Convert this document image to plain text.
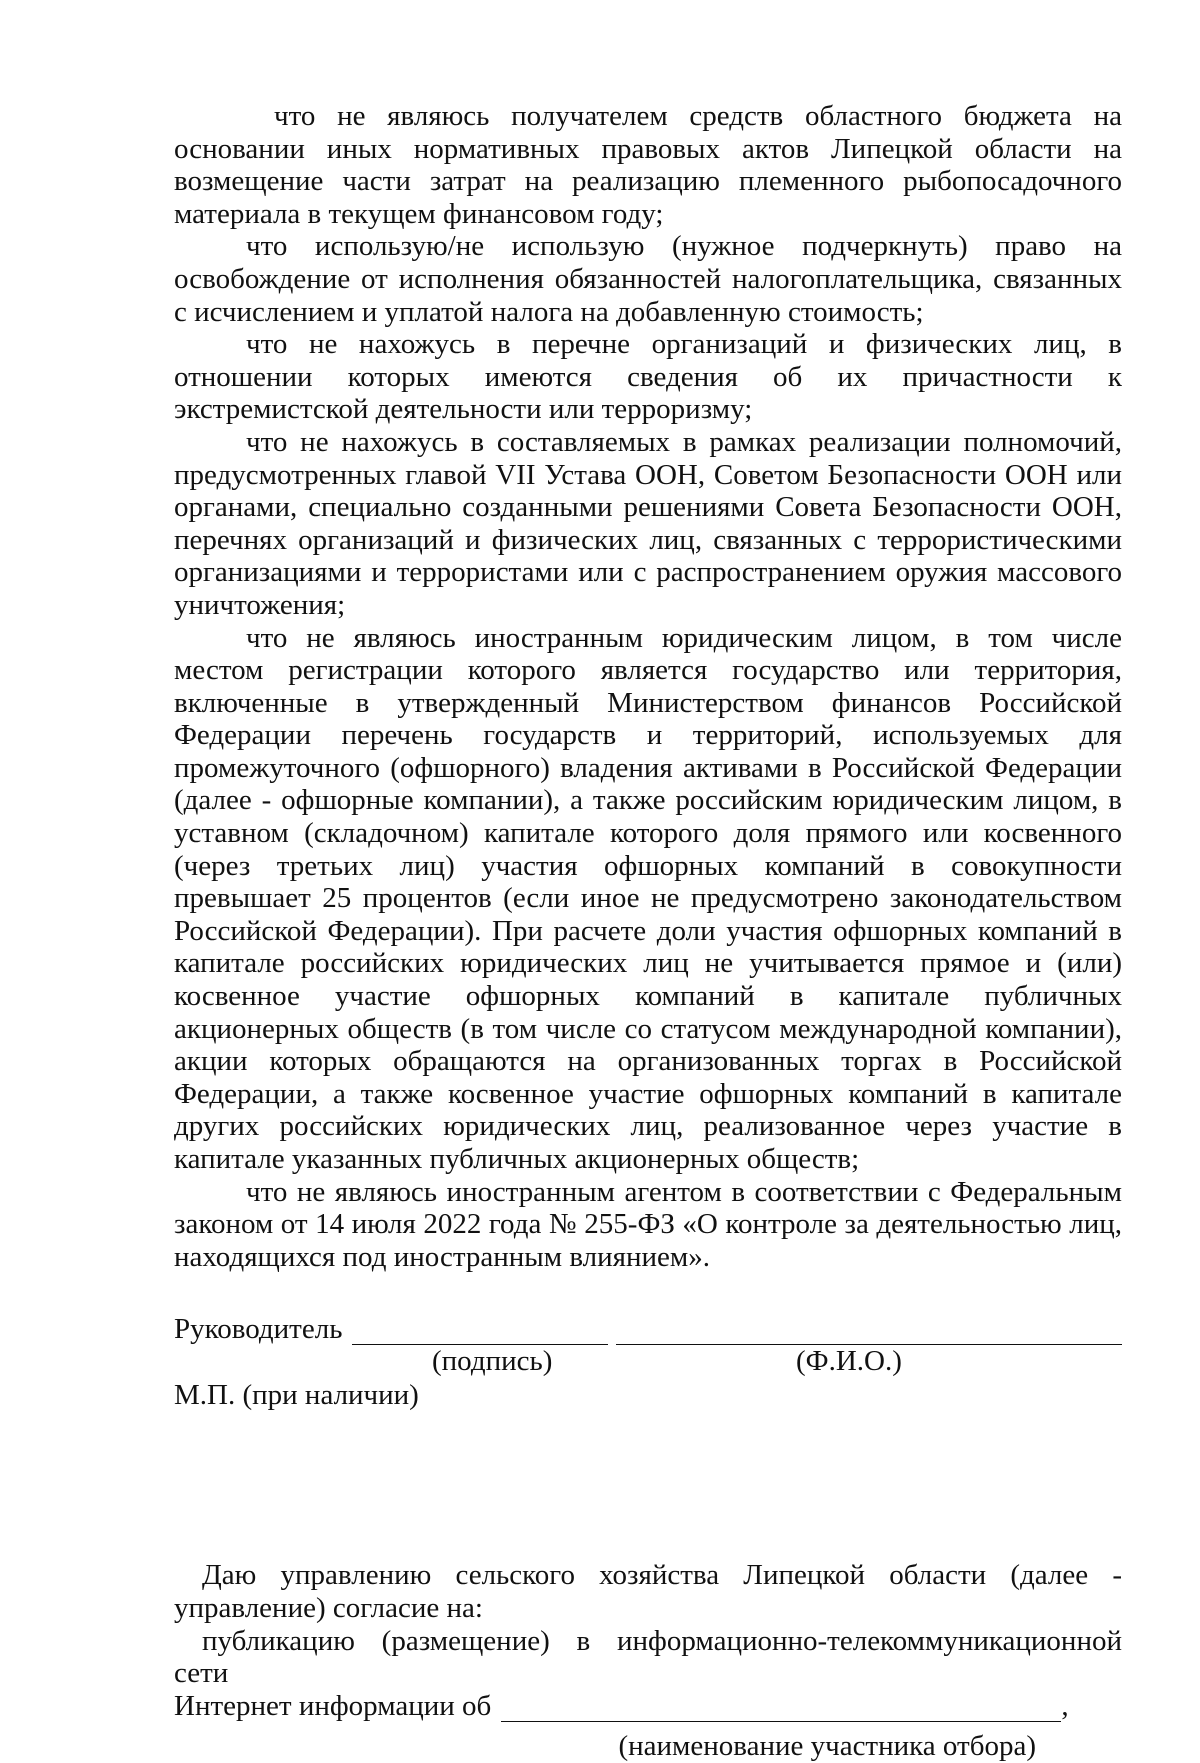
что не являюсь получателем средств областного бюджета на основании иных нормативных правовых актов Липецкой области на возмещение части затрат на реализацию племенного рыбопосадочного материала в текущем финансовом году;

что использую/не использую (нужное подчеркнуть) право на освобождение от исполнения обязанностей налогоплательщика, связанных с исчислением и уплатой налога на добавленную стоимость;

что не нахожусь в перечне организаций и физических лиц, в отношении которых имеются сведения об их причастности к экстремистской деятельности или терроризму;

что не нахожусь в составляемых в рамках реализации полномочий, предусмотренных главой VII Устава ООН, Советом Безопасности ООН или органами, специально созданными решениями Совета Безопасности ООН, перечнях организаций и физических лиц, связанных с террористическими организациями и террористами или с распространением оружия массового уничтожения;

что не являюсь иностранным юридическим лицом, в том числе местом регистрации которого является государство или территория, включенные в утвержденный Министерством финансов Российской Федерации перечень государств и территорий, используемых для промежуточного (офшорного) владения активами в Российской Федерации (далее - офшорные компании), а также российским юридическим лицом, в уставном (складочном) капитале которого доля прямого или косвенного (через третьих лиц) участия офшорных компаний в совокупности превышает 25 процентов (если иное не предусмотрено законодательством Российской Федерации). При расчете доли участия офшорных компаний в капитале российских юридических лиц не учитывается прямое и (или) косвенное участие офшорных компаний в капитале публичных акционерных обществ (в том числе со статусом международной компании), акции которых обращаются на организованных торгах в Российской Федерации, а также косвенное участие офшорных компаний в капитале других российских юридических лиц, реализованное через участие в капитале указанных публичных акционерных обществ;

что не являюсь иностранным агентом в соответствии с Федеральным законом от 14 июля 2022 года № 255-ФЗ «О контроле за деятельностью лиц, находящихся под иностранным влиянием».

Руководитель
(подпись)	(Ф.И.О.)

М.П. (при наличии)

Даю управлению сельского хозяйства Липецкой области (далее - управление) согласие на:

публикацию (размещение) в информационно-телекоммуникационной сети

Интернет информации об	,
(наименование участника отбора)
